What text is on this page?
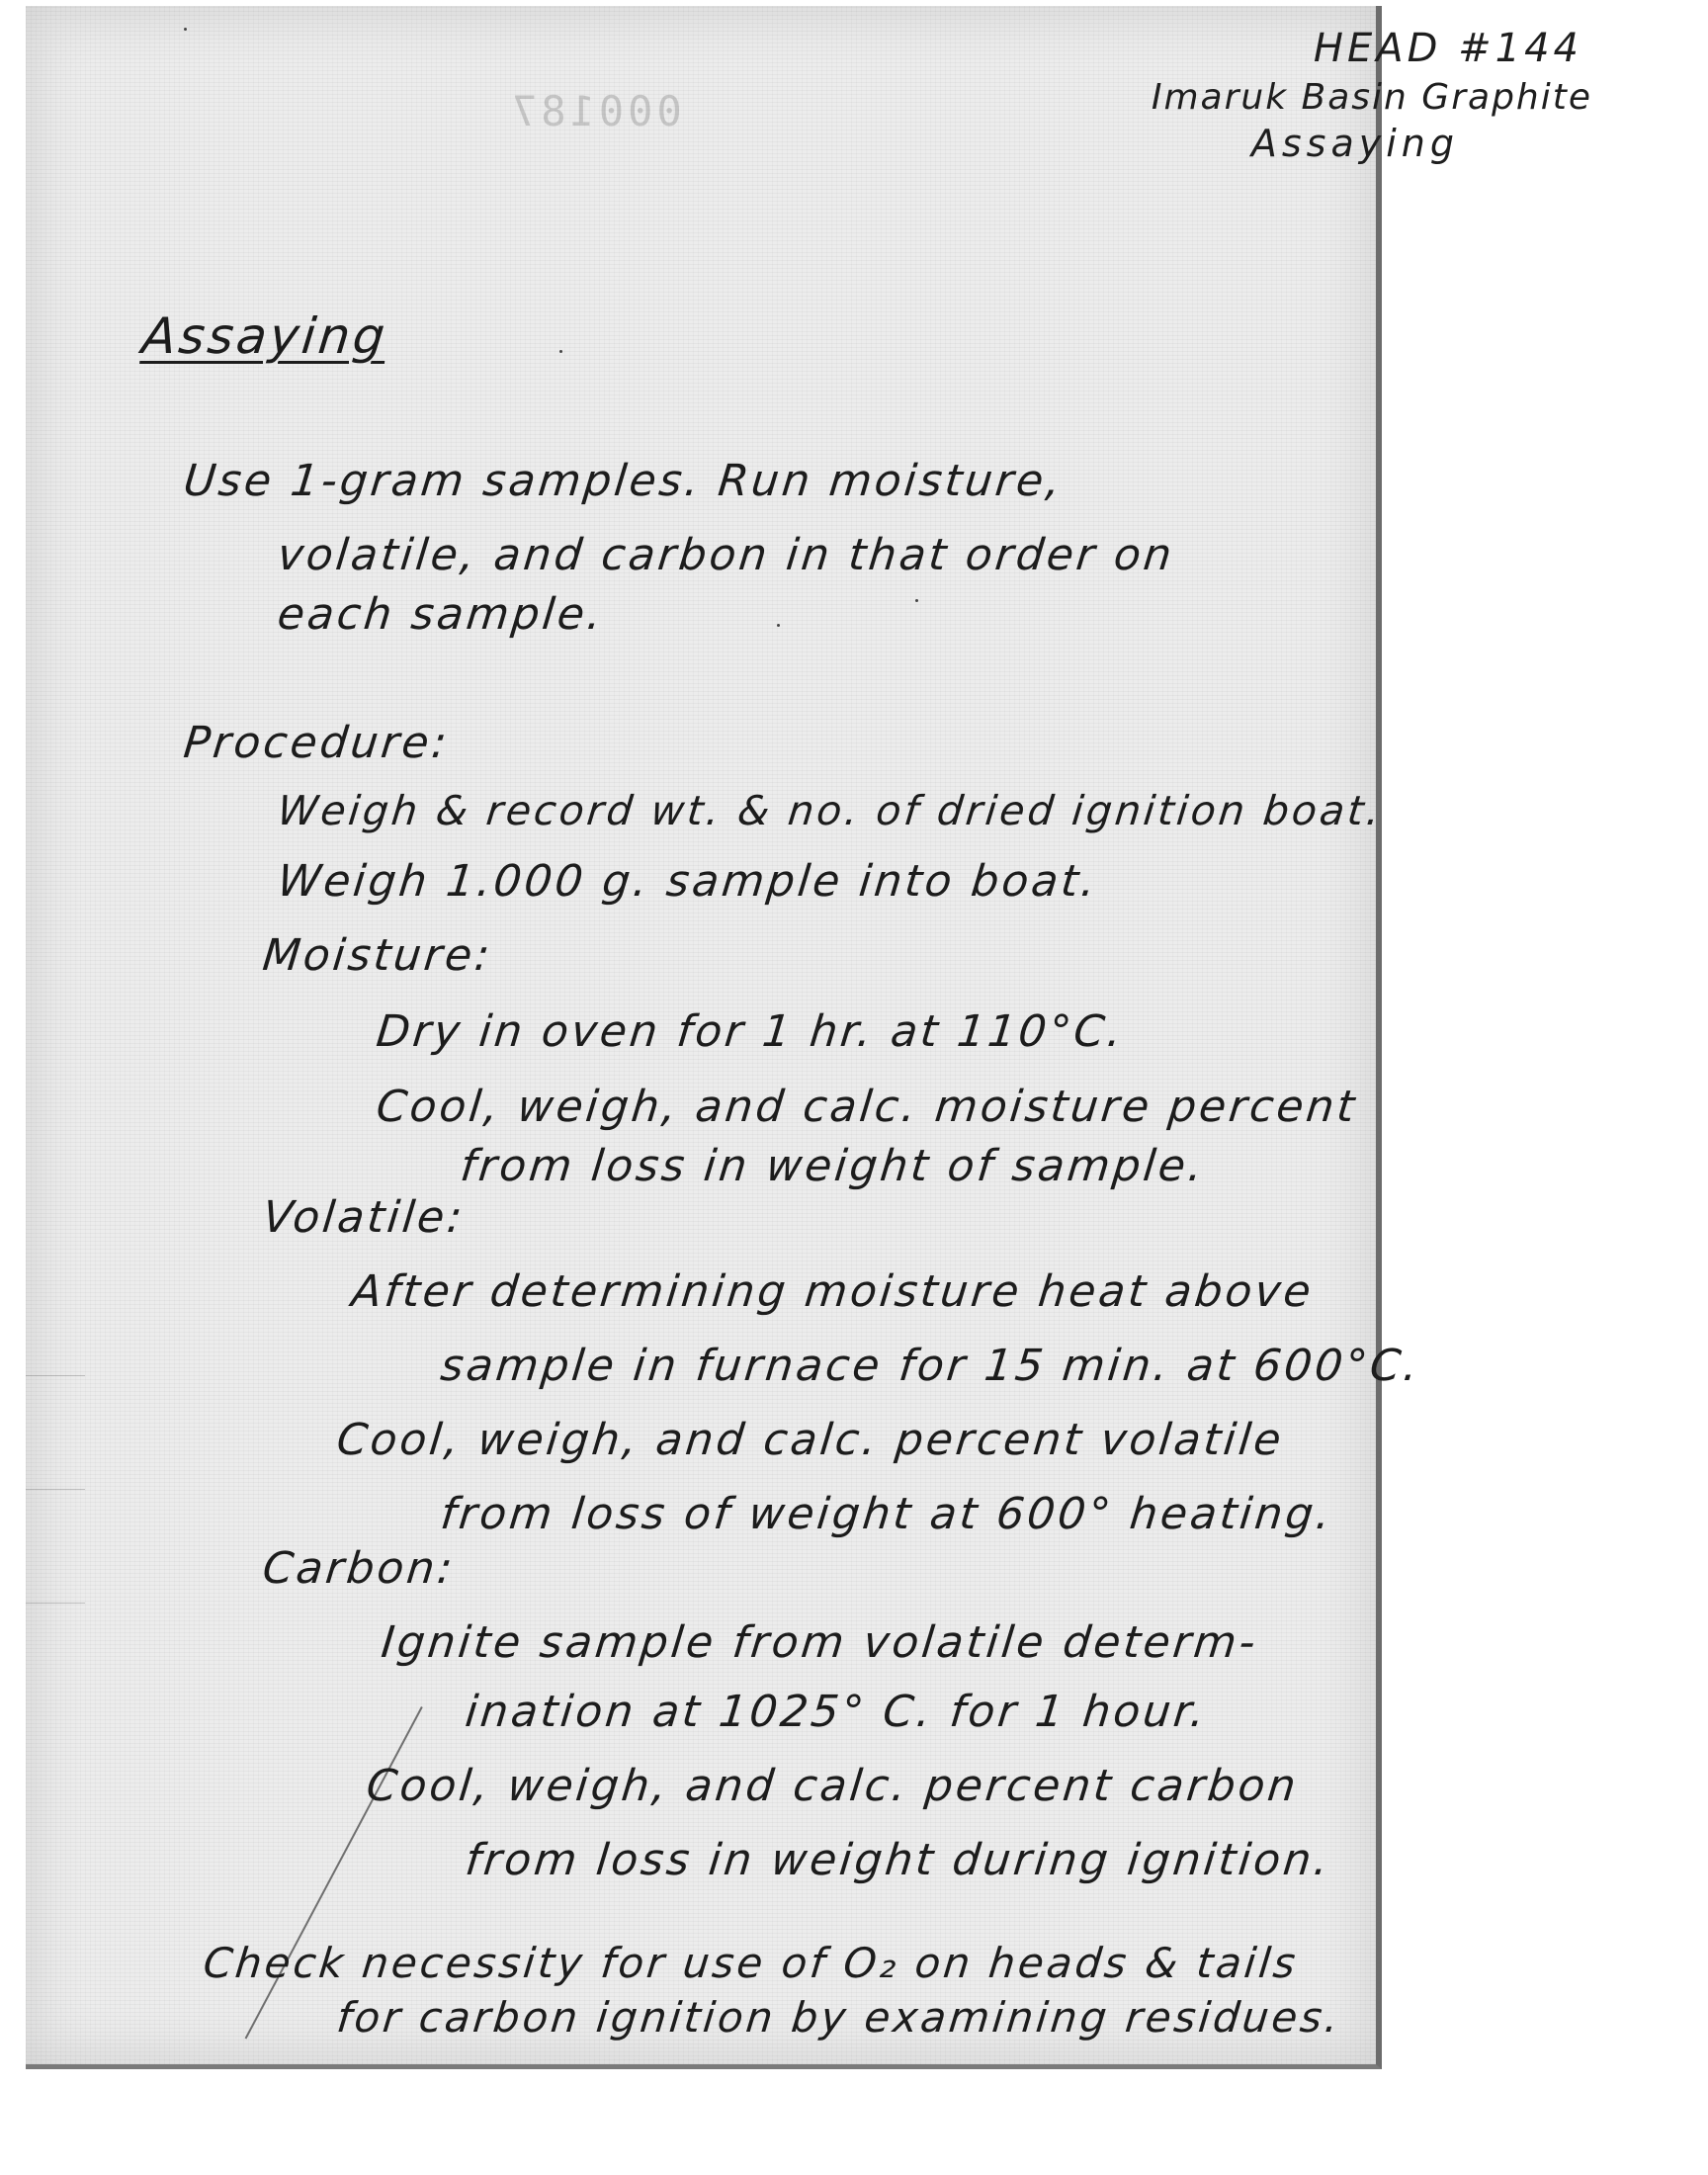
000187
HEAD #144
Imaruk Basin Graphite
Assaying
Assaying
Use 1-gram samples. Run moisture,
volatile, and carbon in that order on
each sample.
Procedure:
Weigh & record wt. & no. of dried ignition boat.
Weigh 1.000 g. sample into boat.
Moisture:
Dry in oven for 1 hr. at 110°C.
Cool, weigh, and calc. moisture percent
from loss in weight of sample.
Volatile:
After determining moisture heat above
sample in furnace for 15 min. at 600°C.
Cool, weigh, and calc. percent volatile
from loss of weight at 600° heating.
Carbon:
Ignite sample from volatile determ-
ination at 1025° C. for 1 hour.
Cool, weigh, and calc. percent carbon
from loss in weight during ignition.
Check necessity for use of O₂ on heads & tails
for carbon ignition by examining residues.
